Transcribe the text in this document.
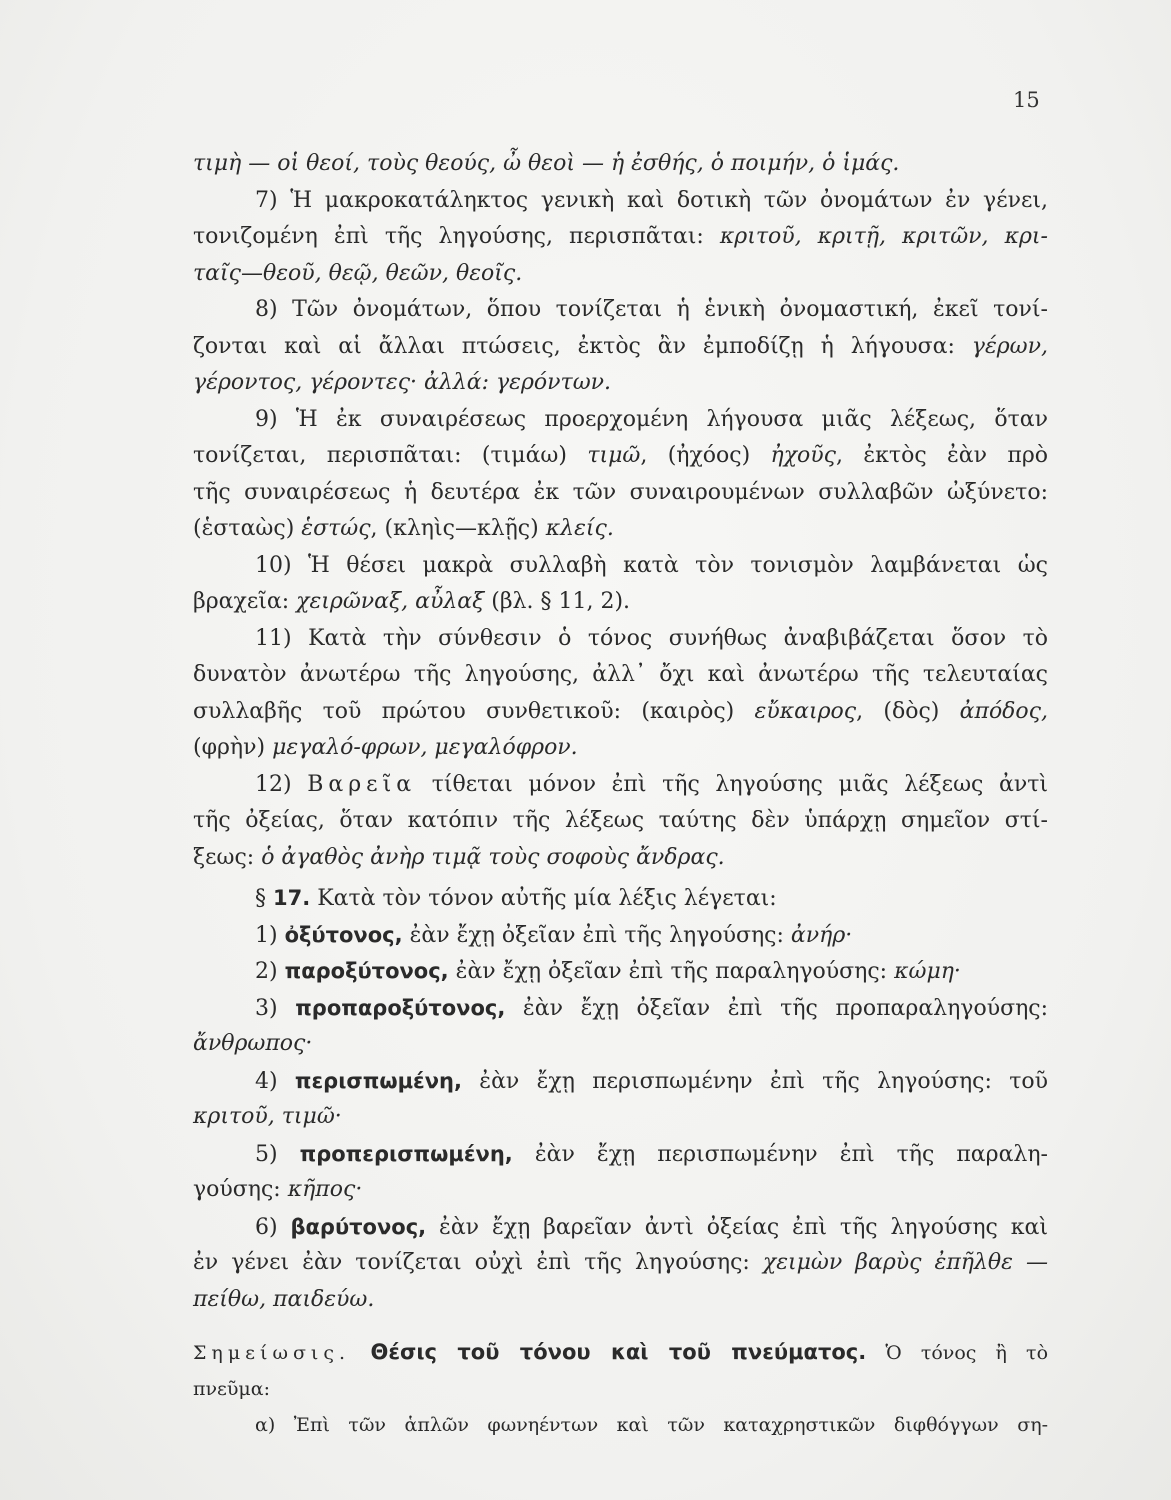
15
τιμὴ — οἱ θεοί, τοὺς θεούς, ὦ θεοὶ — ἡ ἐσθής, ὁ ποιμήν, ὁ ἱμάς.
7) Ἡ μακροκατάληκτος γενικὴ καὶ δοτικὴ τῶν ὀνομάτων ἐν γένει,
τονιζομένη ἐπὶ τῆς ληγούσης, περισπᾶται: κριτοῦ, κριτῇ, κριτῶν, κρι-
ταῖς—θεοῦ, θεῷ, θεῶν, θεοῖς.
8) Τῶν ὀνομάτων, ὅπου τονίζεται ἡ ἑνικὴ ὀνομαστική, ἐκεῖ τονί-
ζονται καὶ αἱ ἄλλαι πτώσεις, ἐκτὸς ἂν ἐμποδίζῃ ἡ λήγουσα: γέρων,
γέροντος, γέροντες· ἀλλά: γερόντων.
9) Ἡ ἐκ συναιρέσεως προερχομένη λήγουσα μιᾶς λέξεως, ὅταν
τονίζεται, περισπᾶται: (τιμάω) τιμῶ, (ἠχόος) ἠχοῦς, ἐκτὸς ἐὰν πρὸ
τῆς συναιρέσεως ἡ δευτέρα ἐκ τῶν συναιρουμένων συλλαβῶν ὠξύνετο:
(ἑσταὼς) ἑστώς, (κληὶς—κλῇς) κλείς.
10) Ἡ θέσει μακρὰ συλλαβὴ κατὰ τὸν τονισμὸν λαμβάνεται ὡς
βραχεῖα: χειρῶναξ, αὖλαξ (βλ. § 11, 2).
11) Κατὰ τὴν σύνθεσιν ὁ τόνος συνήθως ἀναβιβάζεται ὅσον τὸ
δυνατὸν ἀνωτέρω τῆς ληγούσης, ἀλλ᾽ ὄχι καὶ ἀνωτέρω τῆς τελευταίας
συλλαβῆς τοῦ πρώτου συνθετικοῦ: (καιρὸς) εὔκαιρος, (δὸς) ἀπόδος,
(φρὴν) μεγαλό-φρων, μεγαλόφρον.
12) Βαρεῖα τίθεται μόνον ἐπὶ τῆς ληγούσης μιᾶς λέξεως ἀντὶ
τῆς ὀξείας, ὅταν κατόπιν τῆς λέξεως ταύτης δὲν ὑπάρχῃ σημεῖον στί-
ξεως: ὁ ἀγαθὸς ἀνὴρ τιμᾷ τοὺς σοφοὺς ἄνδρας.
§ 17. Κατὰ τὸν τόνον αὐτῆς μία λέξις λέγεται:
1) ὀξύτονος, ἐὰν ἔχῃ ὀξεῖαν ἐπὶ τῆς ληγούσης: ἀνήρ·
2) παροξύτονος, ἐὰν ἔχῃ ὀξεῖαν ἐπὶ τῆς παραληγούσης: κώμη·
3) προπαροξύτονος, ἐὰν ἔχῃ ὀξεῖαν ἐπὶ τῆς προπαραληγούσης:
ἄνθρωπος·
4) περισπωμένη, ἐὰν ἔχῃ περισπωμένην ἐπὶ τῆς ληγούσης: τοῦ
κριτοῦ, τιμῶ·
5) προπερισπωμένη, ἐὰν ἔχῃ περισπωμένην ἐπὶ τῆς παραλη-
γούσης: κῆπος·
6) βαρύτονος, ἐὰν ἔχῃ βαρεῖαν ἀντὶ ὀξείας ἐπὶ τῆς ληγούσης καὶ
ἐν γένει ἐὰν τονίζεται οὐχὶ ἐπὶ τῆς ληγούσης: χειμὼν βαρὺς ἐπῆλθε —
πείθω, παιδεύω.
Σημείωσις. Θέσις τοῦ τόνου καὶ τοῦ πνεύματος. Ὁ τόνος ἢ τὸ
πνεῦμα:
α) Ἐπὶ τῶν ἁπλῶν φωνηέντων καὶ τῶν καταχρηστικῶν διφθόγγων ση-
